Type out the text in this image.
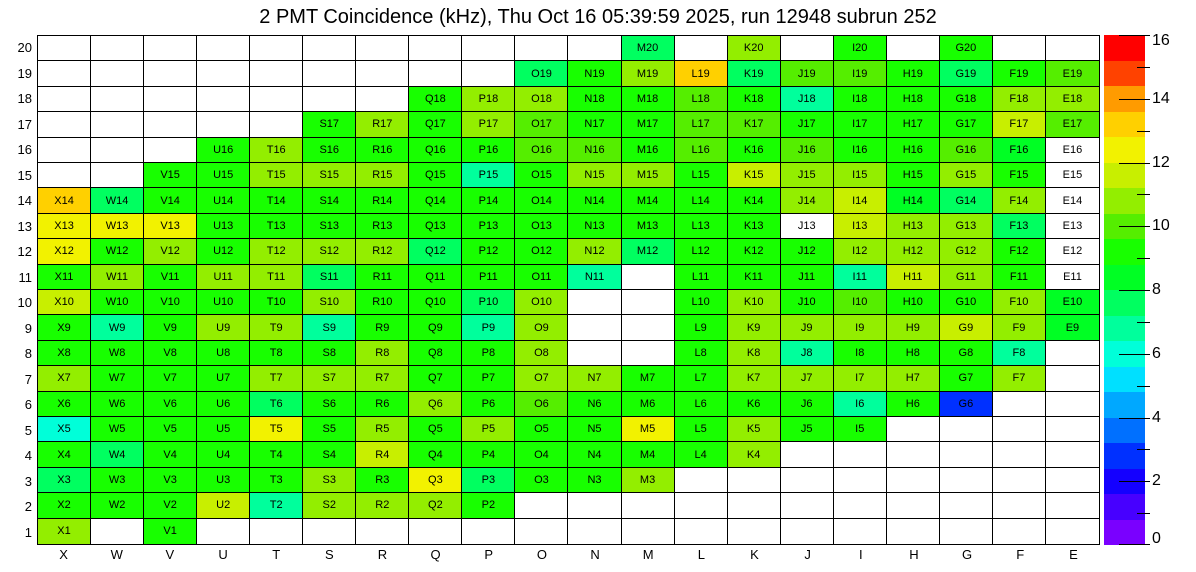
2 PMT Coincidence (kHz), Thu Oct 16 05:39:59 2025, run 12948 subrun 252
20
19
18
17
16
15
14
13
12
11
10
9
8
7
6
5
4
3
2
1
M20	K20	I20	G20
O19	N19	M19	L19	K19	J19	I19	H19	G19	F19	E19
Q18	P18	O18	N18	M18	L18	K18	J18	I18	H18	G18	F18	E18
S17	R17	Q17	P17	O17	N17	M17	L17	K17	J17	I17	H17	G17	F17	E17
U16	T16	S16	R16	Q16	P16	O16	N16	M16	L16	K16	J16	I16	H16	G16	F16	E16
V15	U15	T15	S15	R15	Q15	P15	O15	N15	M15	L15	K15	J15	I15	H15	G15	F15	E15
X14	W14	V14	U14	T14	S14	R14	Q14	P14	O14	N14	M14	L14	K14	J14	I14	H14	G14	F14	E14
X13	W13	V13	U13	T13	S13	R13	Q13	P13	O13	N13	M13	L13	K13	J13	I13	H13	G13	F13	E13
X12	W12	V12	U12	T12	S12	R12	Q12	P12	O12	N12	M12	L12	K12	J12	I12	H12	G12	F12	E12
X11	W11	V11	U11	T11	S11	R11	Q11	P11	O11	N11	L11	K11	J11	I11	H11	G11	F11	E11
X10	W10	V10	U10	T10	S10	R10	Q10	P10	O10	L10	K10	J10	I10	H10	G10	F10	E10
X9	W9	V9	U9	T9	S9	R9	Q9	P9	O9	L9	K9	J9	I9	H9	G9	F9	E9
X8	W8	V8	U8	T8	S8	R8	Q8	P8	O8	L8	K8	J8	I8	H8	G8	F8
X7	W7	V7	U7	T7	S7	R7	Q7	P7	O7	N7	M7	L7	K7	J7	I7	H7	G7	F7
X6	W6	V6	U6	T6	S6	R6	Q6	P6	O6	N6	M6	L6	K6	J6	I6	H6	G6
X5	W5	V5	U5	T5	S5	R5	Q5	P5	O5	N5	M5	L5	K5	J5	I5
X4	W4	V4	U4	T4	S4	R4	Q4	P4	O4	N4	M4	L4	K4
X3	W3	V3	U3	T3	S3	R3	Q3	P3	O3	N3	M3
X2	W2	V2	U2	T2	S2	R2	Q2	P2
X1	V1
X	W	V	U	T	S	R	Q	P	O	N	M	L	K	J	I	H	G	F	E
0
2
4
6
8
10
12
14
16
